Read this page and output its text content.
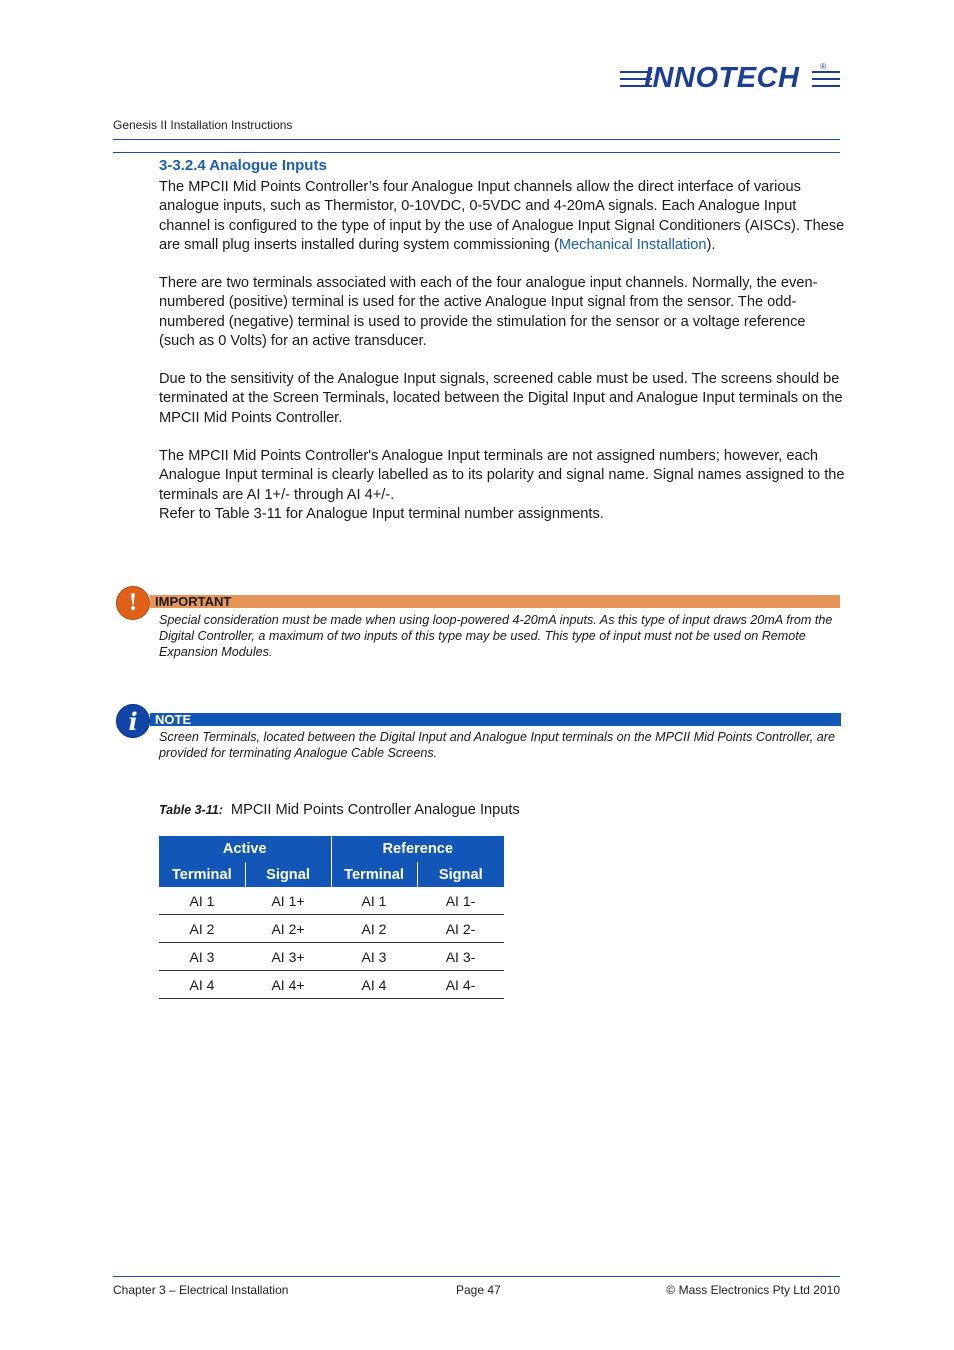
INNOTECH	®
Genesis II Installation Instructions
3-3.2.4 Analogue Inputs
The MPCII Mid Points Controller’s four Analogue Input channels allow the direct interface of various analogue inputs, such as Thermistor, 0-10VDC, 0-5VDC and 4-20mA signals. Each Analogue Input channel is configured to the type of input by the use of Analogue Input Signal Conditioners (AISCs). These are small plug inserts installed during system commissioning (Mechanical Installation).
There are two terminals associated with each of the four analogue input channels. Normally, the even-numbered (positive) terminal is used for the active Analogue Input signal from the sensor. The odd-numbered (negative) terminal is used to provide the stimulation for the sensor or a voltage reference (such as 0 Volts) for an active transducer.
Due to the sensitivity of the Analogue Input signals, screened cable must be used. The screens should be terminated at the Screen Terminals, located between the Digital Input and Analogue Input terminals on the MPCII Mid Points Controller.
The MPCII Mid Points Controller's Analogue Input terminals are not assigned numbers; however, each Analogue Input terminal is clearly labelled as to its polarity and signal name. Signal names assigned to the terminals are AI 1+/- through AI 4+/-.
Refer to Table 3-11 for Analogue Input terminal number assignments.
IMPORTANT
!
Special consideration must be made when using loop-powered 4-20mA inputs. As this type of input draws 20mA from the Digital Controller, a maximum of two inputs of this type may be used. This type of input must not be used on Remote Expansion Modules.
NOTE
i
Screen Terminals, located between the Digital Input and Analogue Input terminals on the MPCII Mid Points Controller, are provided for terminating Analogue Cable Screens.
Table 3-11: MPCII Mid Points Controller Analogue Inputs
Active		Reference	
Terminal	Signal	Terminal	Signal
AI 1	AI 1+	AI 1	AI 1-
AI 2	AI 2+	AI 2	AI 2-
AI 3	AI 3+	AI 3	AI 3-
AI 4	AI 4+	AI 4	AI 4-
Chapter 3 – Electrical Installation	Page 47	© Mass Electronics Pty Ltd 2010
